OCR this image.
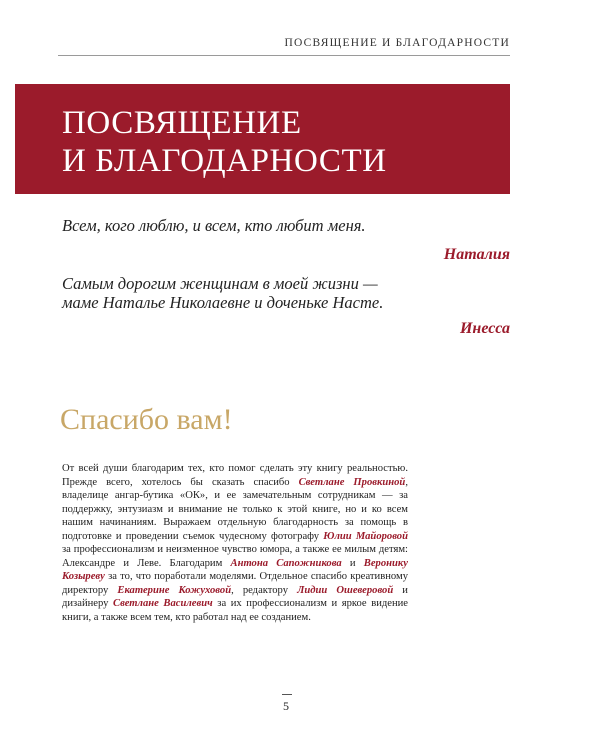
ПОСВЯЩЕНИЕ И БЛАГОДАРНОСТИ
ПОСВЯЩЕНИЕ
И БЛАГОДАРНОСТИ
Всем, кого люблю, и всем, кто любит меня.
Наталия
Самым дорогим женщинам в моей жизни —
маме Наталье Николаевне и доченьке Насте.
Инесса
Спасибо вам!

От всей души благодарим тех, кто помог сделать эту книгу реальностью. Прежде всего, хотелось бы сказать спасибо Светлане Провкиной, владелице ангар-бутика «ОК», и ее замечательным сотрудникам — за поддержку, энтузиазм и внимание не только к этой книге, но и ко всем нашим начинаниям. Выражаем отдельную благодарность за помощь в подготовке и проведении съемок чудесному фотографу Юлии Майоровой за профессионализм и неизменное чувство юмора, а также ее милым детям: Александре и Леве. Благодарим Антона Сапожникова и Веронику Козыреву за то, что поработали моделями. Отдельное спасибо креативному директору Екатерине Кожуховой, редактору Лидии Ошеверовой и дизайнеру Светлане Василевич за их профессионализм и яркое видение книги, а также всем тем, кто работал над ее созданием.

5
